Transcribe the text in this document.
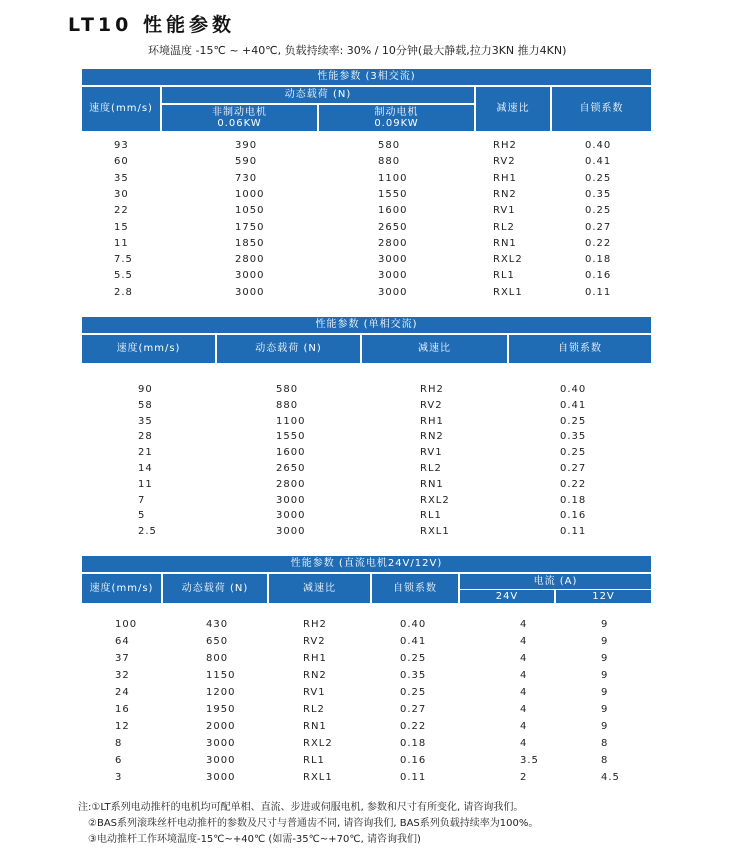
LT10 性能参数
环境温度 -15℃ ~ +40℃, 负载持续率: 30% / 10分钟(最大静载,拉力3KN 推力4KN)
性能参数 (3相交流)
速度(mm/s)
动态载荷 (N)
非制动电机
0.06KW
制动电机
0.09KW
减速比	自锁系数
93	390	580	RH2	0.40
60	590	880	RV2	0.41
35	730	1100	RH1	0.25
30	1000	1550	RN2	0.35
22	1050	1600	RV1	0.25
15	1750	2650	RL2	0.27
11	1850	2800	RN1	0.22
7.5	2800	3000	RXL2	0.18
5.5	3000	3000	RL1	0.16
2.8	3000	3000	RXL1	0.11
性能参数 (单相交流)
速度(mm/s)	动态载荷 (N)	减速比	自锁系数
90	580	RH2	0.40
58	880	RV2	0.41
35	1100	RH1	0.25
28	1550	RN2	0.35
21	1600	RV1	0.25
14	2650	RL2	0.27
11	2800	RN1	0.22
7	3000	RXL2	0.18
5	3000	RL1	0.16
2.5	3000	RXL1	0.11
性能参数 (直流电机24V/12V)
速度(mm/s)	动态载荷 (N)	减速比	自锁系数
电流 (A)
24V	12V
100	430	RH2	0.40	4	9
64	650	RV2	0.41	4	9
37	800	RH1	0.25	4	9
32	1150	RN2	0.35	4	9
24	1200	RV1	0.25	4	9
16	1950	RL2	0.27	4	9
12	2000	RN1	0.22	4	9
8	3000	RXL2	0.18	4	8
6	3000	RL1	0.16	3.5	8
3	3000	RXL1	0.11	2	4.5
注:①LT系列电动推杆的电机均可配单相、直流、步进或伺服电机, 参数和尺寸有所变化, 请咨询我们。
②BAS系列滚珠丝杆电动推杆的参数及尺寸与普通齿不同, 请咨询我们, BAS系列负载持续率为100%。
③电动推杆工作环境温度-15℃~+40℃ (如需-35℃~+70℃, 请咨询我们)
